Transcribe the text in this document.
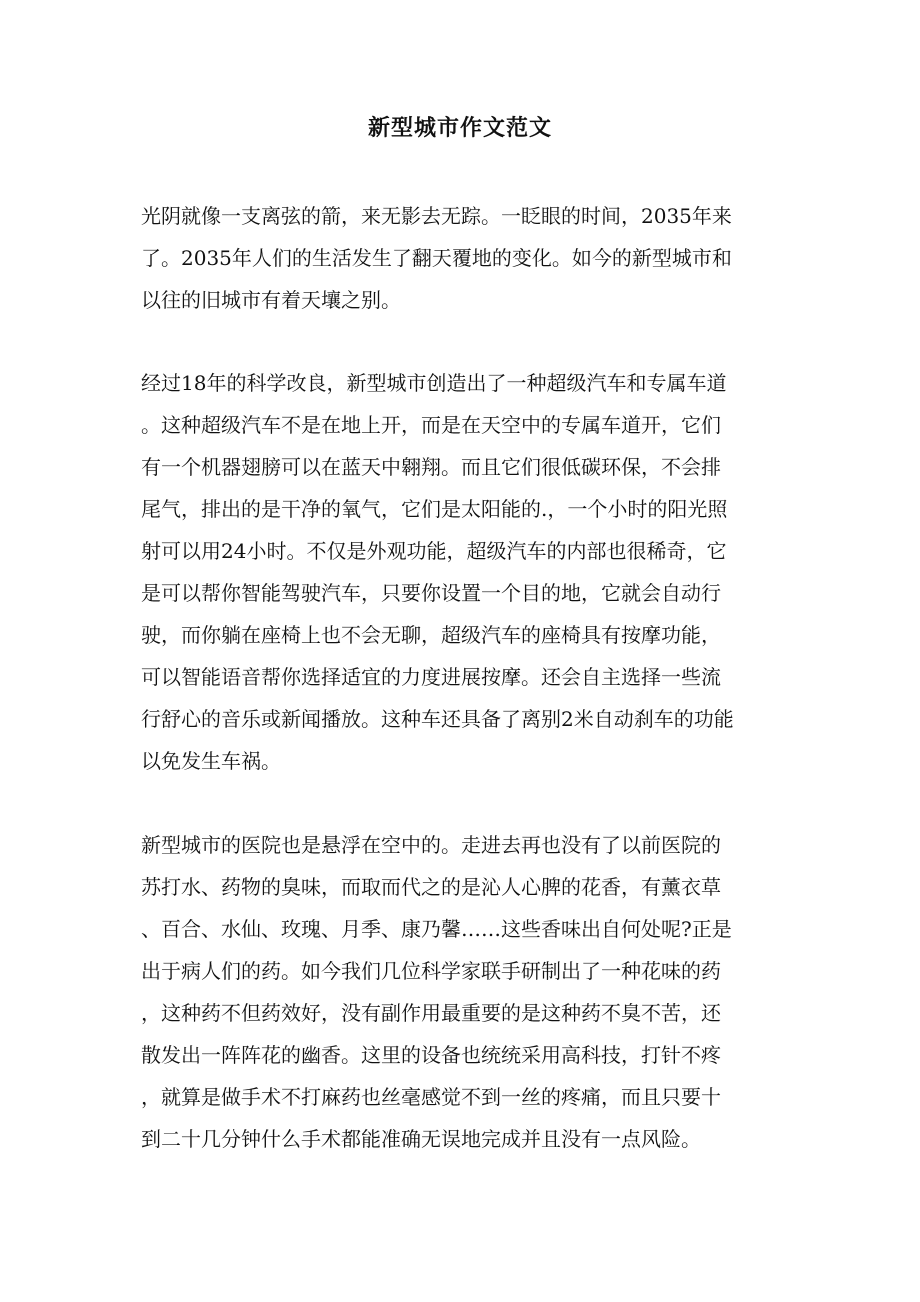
新型城市作文范文
光阴就像一支离弦的箭，来无影去无踪。一眨眼的时间，2035年来
了。2035年人们的生活发生了翻天覆地的变化。如今的新型城市和
以往的旧城市有着天壤之别。
经过18年的科学改良，新型城市创造出了一种超级汽车和专属车道
。这种超级汽车不是在地上开，而是在天空中的专属车道开，它们
有一个机器翅膀可以在蓝天中翱翔。而且它们很低碳环保，不会排
尾气，排出的是干净的氧气，它们是太阳能的.，一个小时的阳光照
射可以用24小时。不仅是外观功能，超级汽车的内部也很稀奇，它
是可以帮你智能驾驶汽车，只要你设置一个目的地，它就会自动行
驶，而你躺在座椅上也不会无聊，超级汽车的座椅具有按摩功能，
可以智能语音帮你选择适宜的力度进展按摩。还会自主选择一些流
行舒心的音乐或新闻播放。这种车还具备了离别2米自动刹车的功能
以免发生车祸。
新型城市的医院也是悬浮在空中的。走进去再也没有了以前医院的
苏打水、药物的臭味，而取而代之的是沁人心脾的花香，有薰衣草
、百合、水仙、玫瑰、月季、康乃馨……这些香味出自何处呢?正是
出于病人们的药。如今我们几位科学家联手研制出了一种花味的药
，这种药不但药效好，没有副作用最重要的是这种药不臭不苦，还
散发出一阵阵花的幽香。这里的设备也统统采用高科技，打针不疼
，就算是做手术不打麻药也丝毫感觉不到一丝的疼痛，而且只要十
到二十几分钟什么手术都能准确无误地完成并且没有一点风险。
